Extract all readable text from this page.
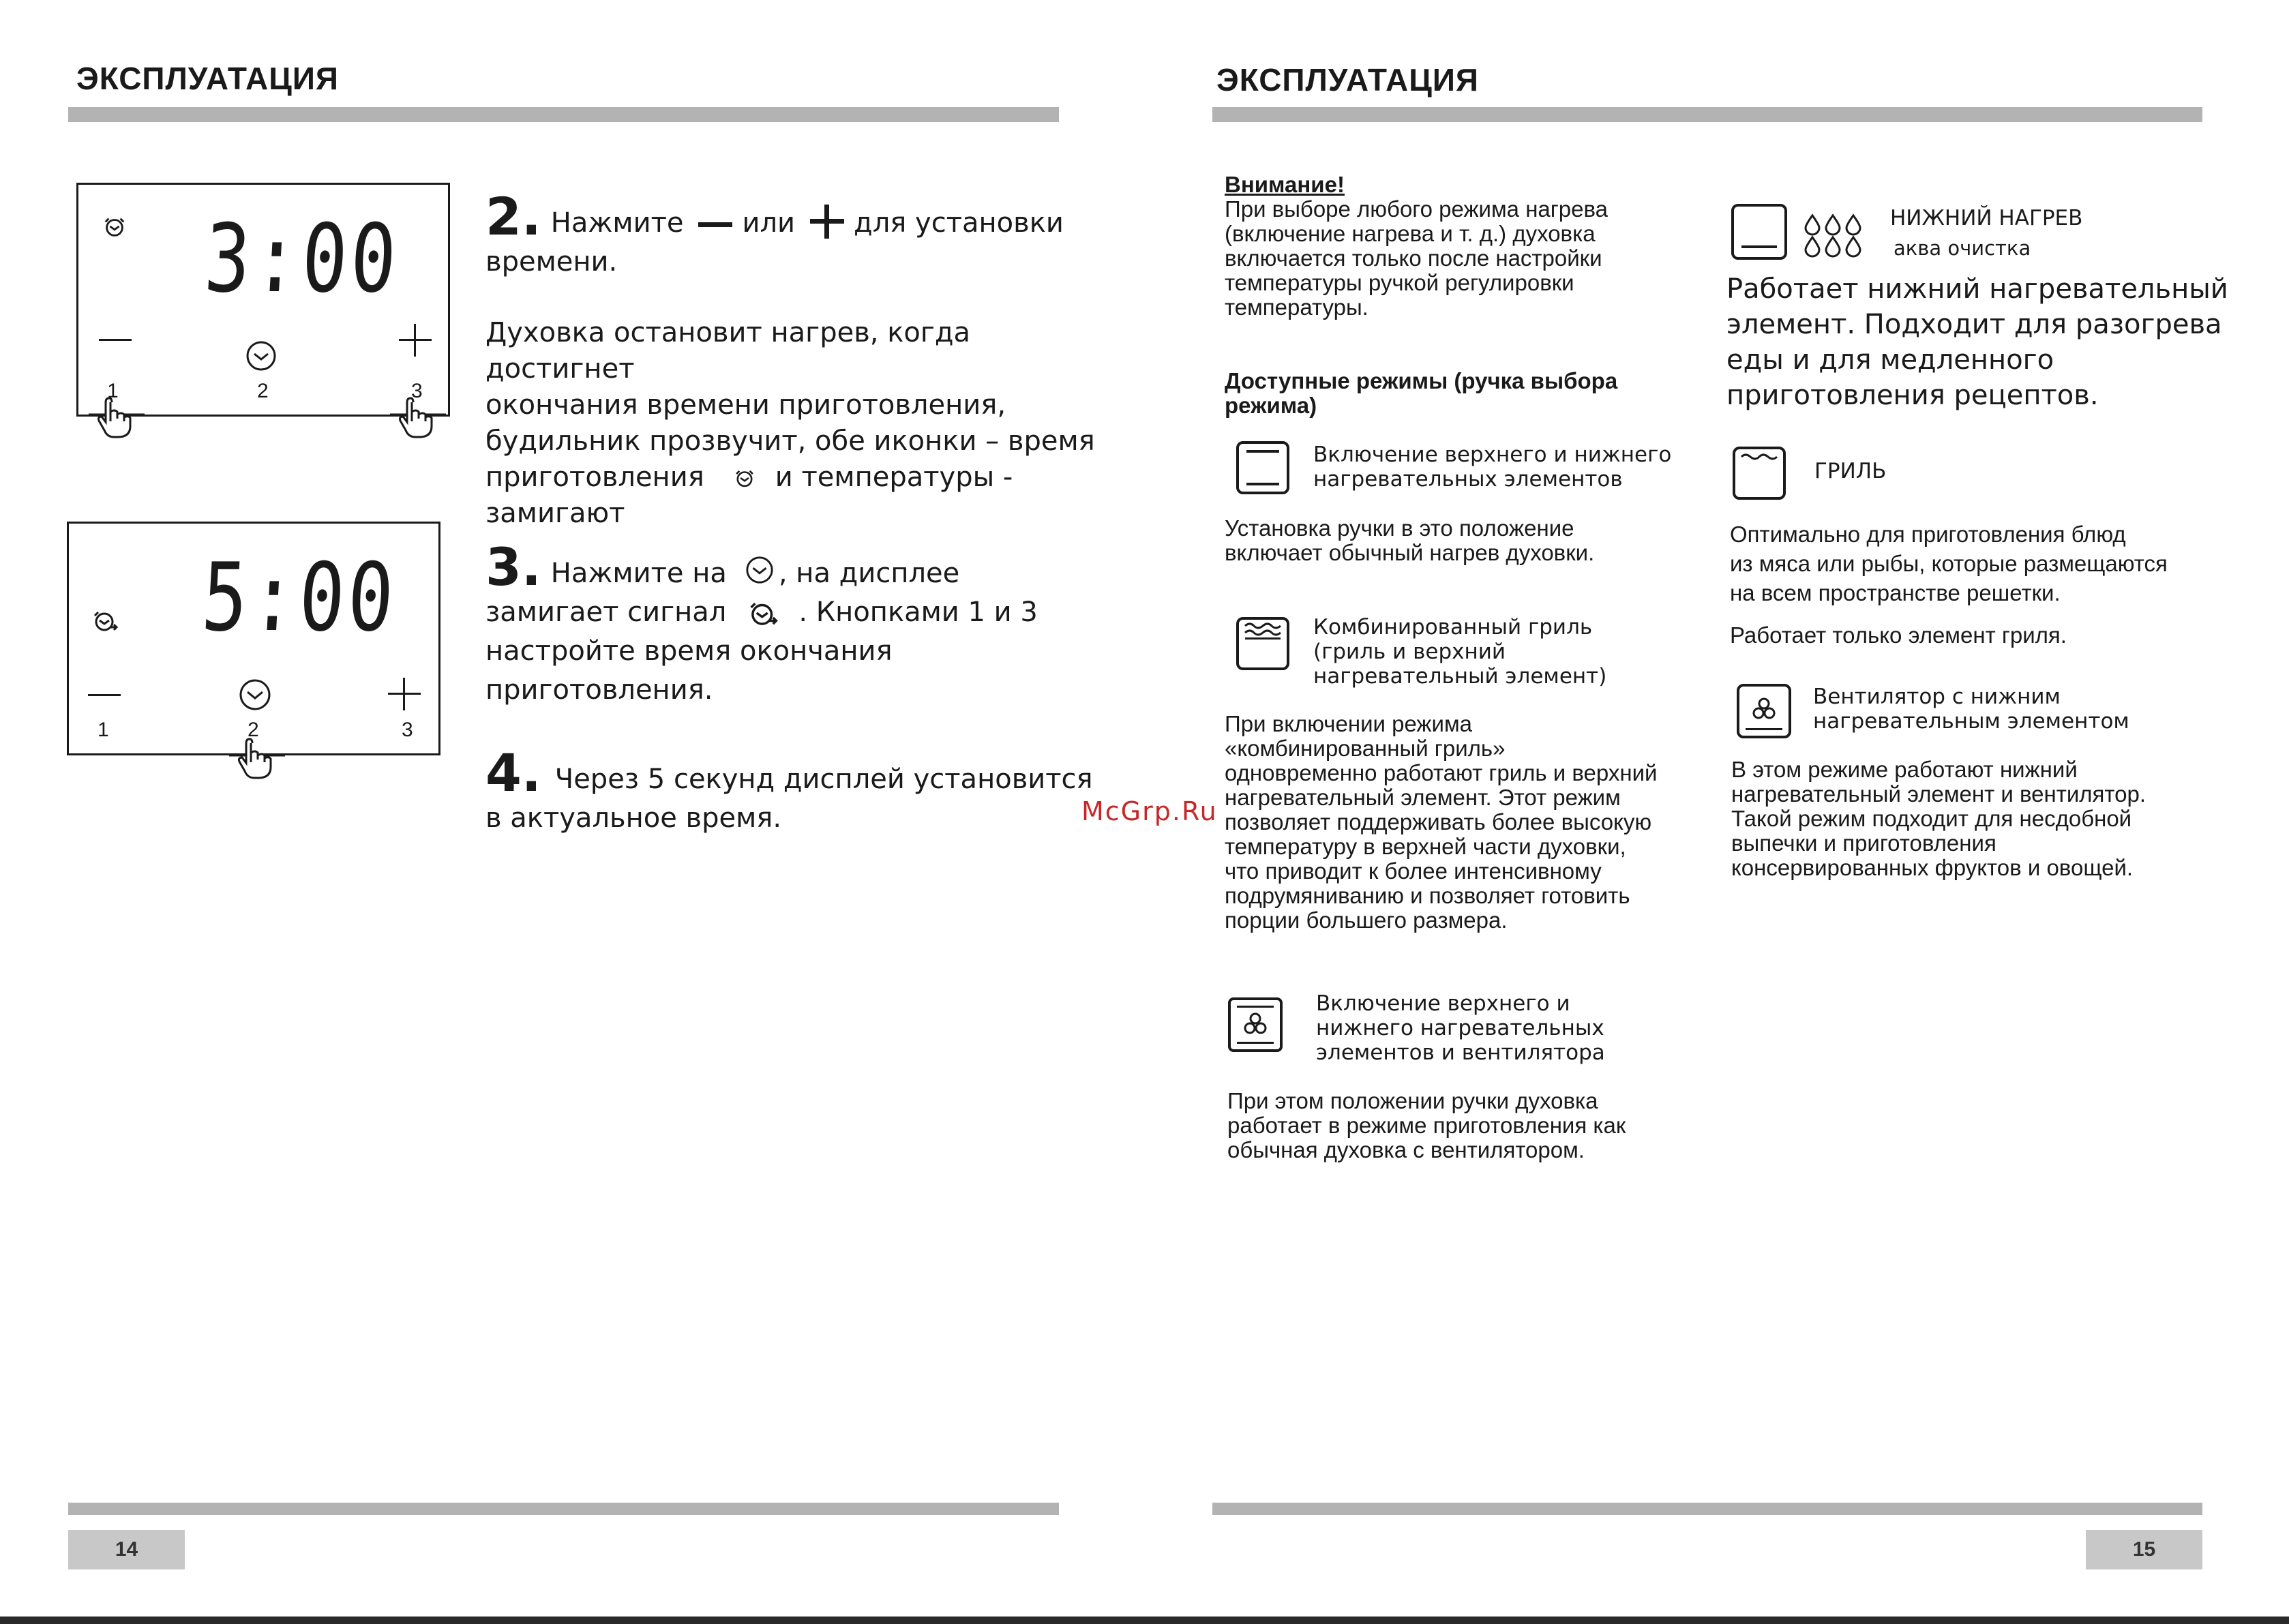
ЭКСПЛУАТАЦИЯ
3:00
1	2	3
5:00
1	2	3
2. Нажмите или для установки
времени.
Духовка остановит нагрев, когда достигнет
окончания времени приготовления,
будильник прозвучит, обе иконки – время
приготовления	и температуры -
замигают
3. Нажмите на , на дисплее
замигает сигнал	. Кнопками 1 и 3
настройте время окончания
приготовления.
4. Через 5 секунд дисплей установится
в актуальное время.	McGrp.Ru
14
ЭКСПЛУАТАЦИЯ
Внимание!
При выборе любого режима нагрева
(включение нагрева и т. д.) духовка
включается только после настройки
температуры ручкой регулировки
температуры.
Доступные режимы (ручка выбора
режима)
Включение верхнего и нижнего
нагревательных элементов
Установка ручки в это положение
включает обычный нагрев духовки.
Комбинированный гриль
(гриль и верхний
нагревательный элемент)
При включении режима
«комбинированный гриль»
одновременно работают гриль и верхний
нагревательный элемент. Этот режим
позволяет поддерживать более высокую
температуру в верхней части духовки,
что приводит к более интенсивному
подрумяниванию и позволяет готовить
порции большего размера.
Включение верхнего и
нижнего нагревательных
элементов и вентилятора
При этом положении ручки духовка
работает в режиме приготовления как
обычная духовка с вентилятором.
НИЖНИЙ НАГРЕВ
аква очистка
Работает нижний нагревательный
элемент. Подходит для разогрева
еды и для медленного
приготовления рецептов.
ГРИЛЬ
Оптимально для приготовления блюд
из мяса или рыбы, которые размещаются
на всем пространстве решетки.
Работает только элемент гриля.
Вентилятор с нижним
нагревательным элементом
В этом режиме работают нижний
нагревательный элемент и вентилятор.
Такой режим подходит для несдобной
выпечки и приготовления
консервированных фруктов и овощей.
15
